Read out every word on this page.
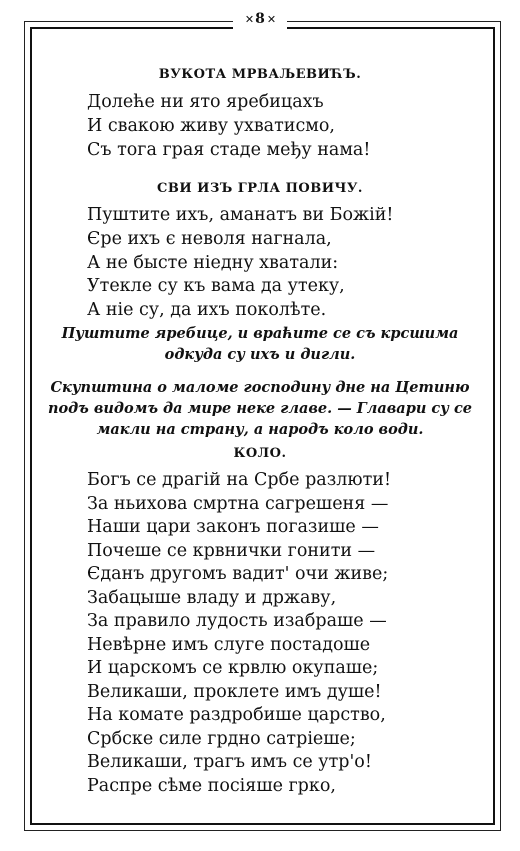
✕ 8 ✕

ВУКОТА МРВАЉЕВИЋЪ.

Долеће ни ято яребицахъ

И свакою живу ухватисмо,

Съ тога грая стаде међу нама!

СВИ ИЗЪ ГРЛА ПОВИЧУ.

Пуштите ихъ, аманатъ ви Божій!

Єре ихъ є неволя нагнала,

А не бысте ніедну хватали:

Утекле су къ вама да утеку,

А ніе су, да ихъ поколѣте.

Пуштите яребице, и враћите се съ крсшима

одкуда су ихъ и дигли.

Скупштина о маломе господину дне на Цетиню

подъ видомъ да мире неке главе. — Главари су се

макли на страну, а народъ коло води.

КОЛО.

Богъ се драгій на Србе разлюти!

За ньихова смртна сагрешеня —

Наши цари законъ погазише —

Почеше се крвнички гонити —

Єданъ другомъ вадит' очи живе;

Забацыше владу и државу,

За правило лудость изабраше —

Невѣрне имъ слуге постадоше

И царскомъ се крвлю окупаше;

Великаши, проклете имъ душе!

На комате раздробише царство,

Србске силе грдно сатріеше;

Великаши, трагъ имъ се утр'о!

Распре сѣме посіяше грко,
